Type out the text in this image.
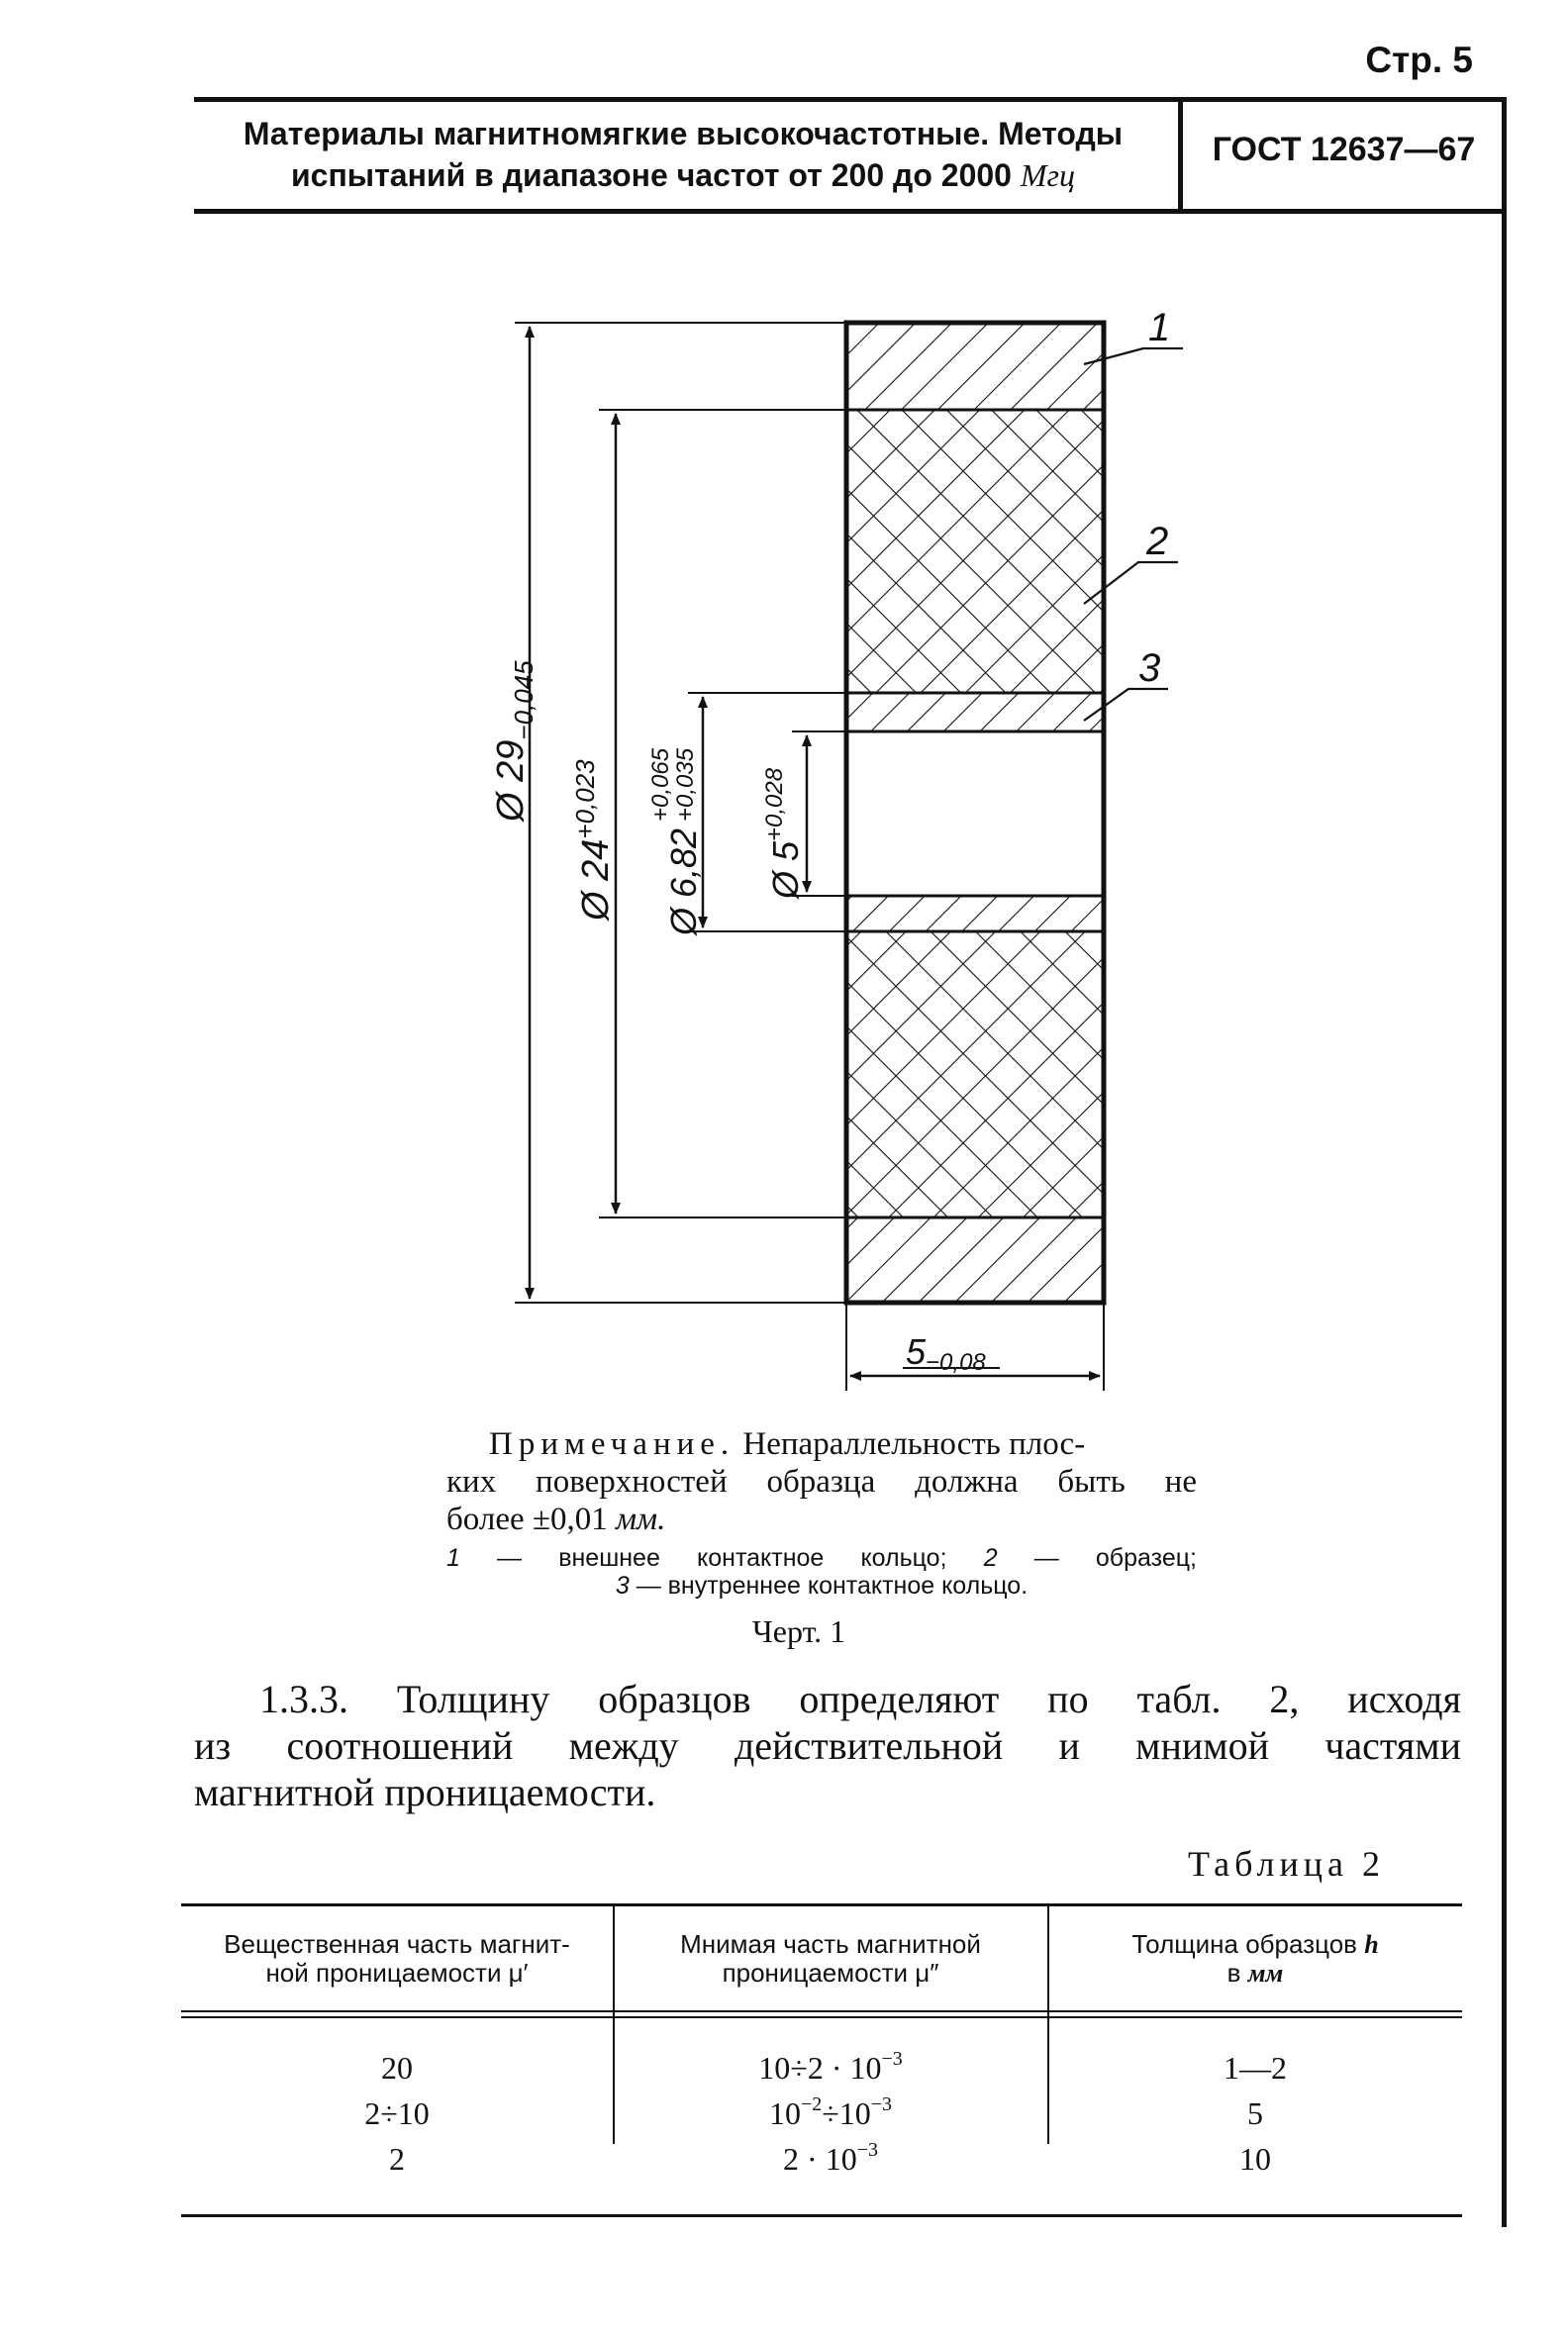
Стр. 5
Материалы магнитномягкие высокочастотные. Методы
испытаний в диапазоне частот от 200 до 2000 Мгц
ГОСТ 12637—67
1
2
3
Ø $29_{-0,045}$
Ø $24^{+0,023}$
Ø 6,82
+0,065
+0,035
Ø $5^{+0,028}$
5−0,08
Примечание. Непараллельность плос-
ких поверхностей образца должна быть не
более ±0,01 мм.
1 — внешнее контактное кольцо; 2 — образец;
3 — внутреннее контактное кольцо.
Черт. 1
1.3.3. Толщину образцов определяют по табл. 2, исходя
из соотношений между действительной и мнимой частями
магнитной проницаемости.
Таблица 2
Вещественная часть магнит-
ной проницаемости μ′
Мнимая часть магнитной
проницаемости μ″
Толщина образцов h
в мм
20
2÷10
2
$10\div 2 \cdot 10^{-3}$
$10^{-2}\div 10^{-3}$
$2 \cdot 10^{-3}$
1—2
5
10
